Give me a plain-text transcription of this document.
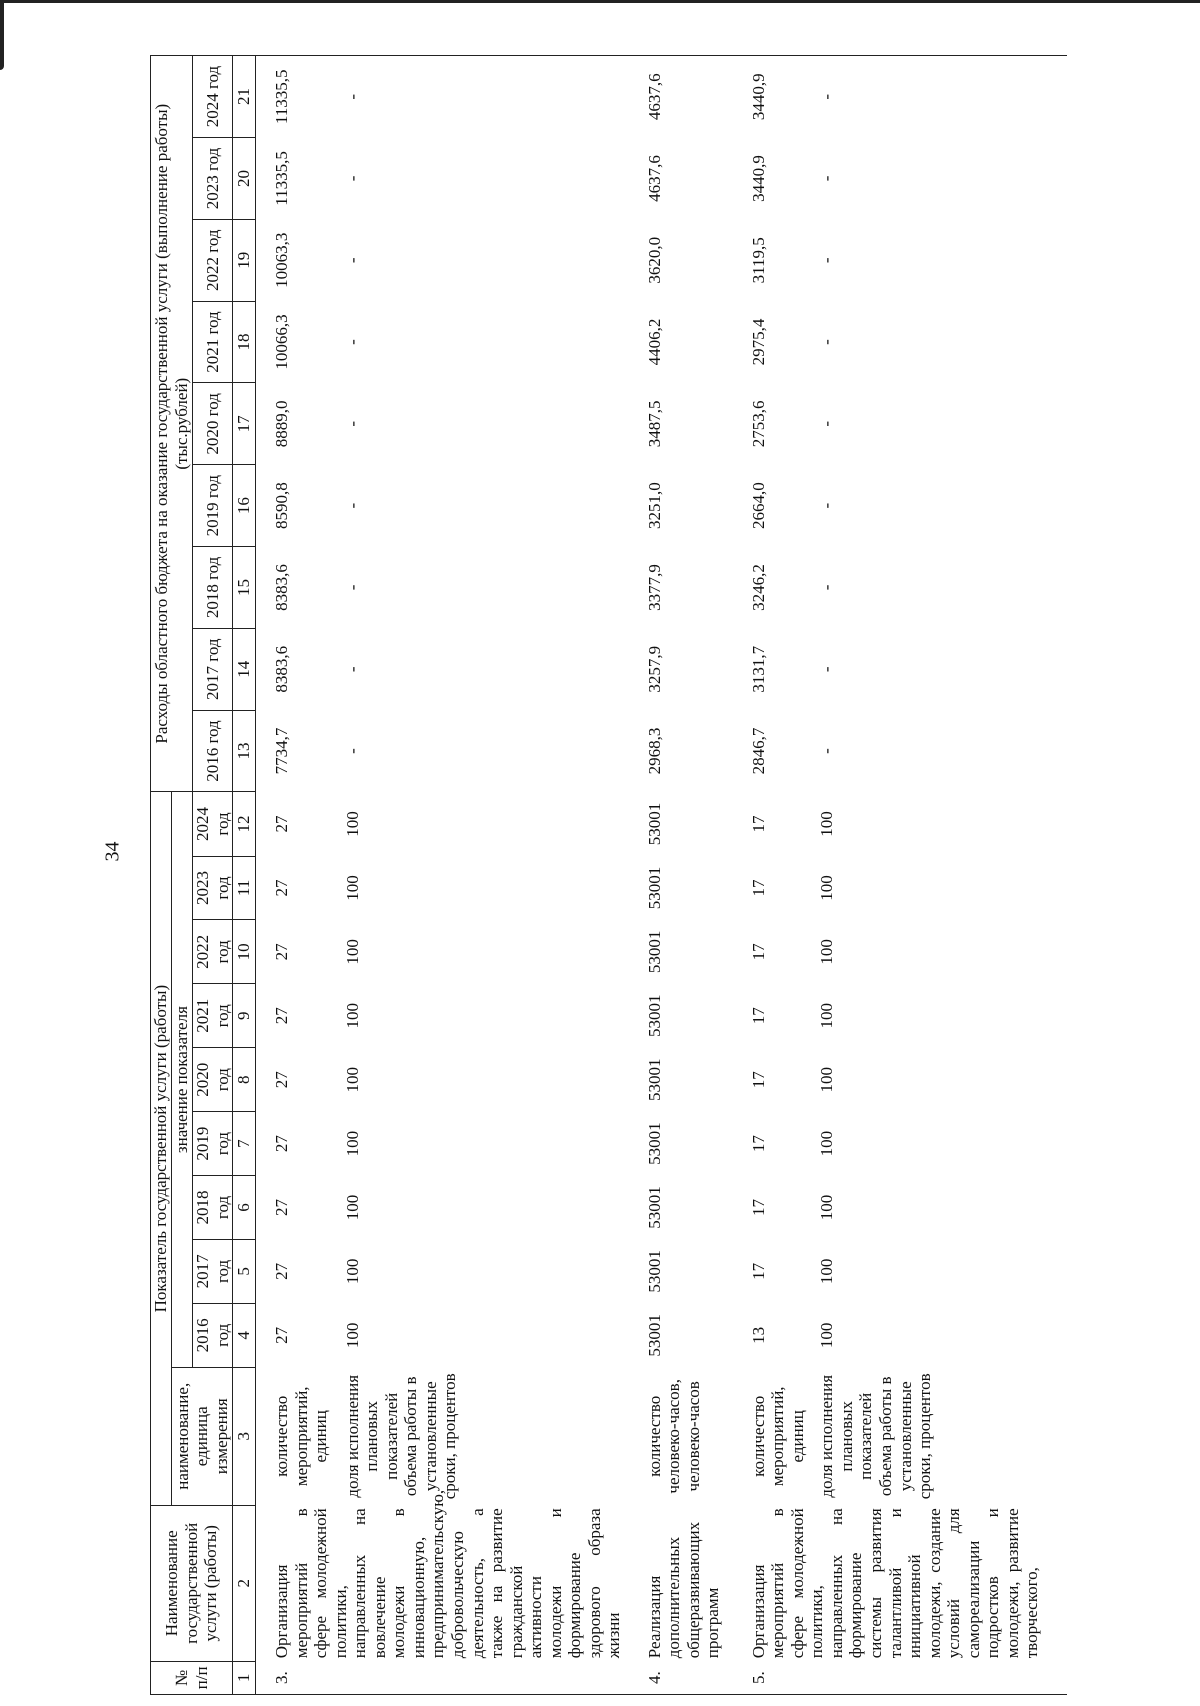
34
№ п/п	Наименование государственной услуги (работы)	Показатель государственной услуги (работы)										Расходы областного бюджета на оказание государственной услуги (выполнение работы) (тыс.рублей)								
		наименование, единица измерения	значение показателя																	
			2016 год	2017 год	2018 год	2019 год	2020 год	2021 год	2022 год	2023 год	2024 год	2016 год	2017 год	2018 год	2019 год	2020 год	2021 год	2022 год	2023 год	2024 год
1	2	3	4	5	6	7	8	9	10	11	12	13	14	15	16	17	18	19	20	21
3.	Организация мероприятий в сфере молодежной политики, направленных на вовлечение молодежи в инновационную, предпринимательскую, добровольческую деятельность, а также на развитие гражданской активности молодежи и формирование здорового образа жизни	количество мероприятий, единиц	27	27	27	27	27	27	27	27	27	7734,7	8383,6	8383,6	8590,8	8889,0	10066,3	10063,3	11335,5	11335,5
		доля исполнения плановых показателей объема работы в установленные сроки, процентов	100	100	100	100	100	100	100	100	100	-	-	-	-	-	-	-	-	-
4.	Реализация дополнительных общеразвивающих программ	количество человеко-часов, человеко-часов	53001	53001	53001	53001	53001	53001	53001	53001	53001	2968,3	3257,9	3377,9	3251,0	3487,5	4406,2	3620,0	4637,6	4637,6
5.	Организация мероприятий в сфере молодежной политики, направленных на формирование системы развития талантливой и инициативной молодежи, создание условий для самореализации подростков и молодежи, развитие творческого,	количество мероприятий, единиц	13	17	17	17	17	17	17	17	17	2846,7	3131,7	3246,2	2664,0	2753,6	2975,4	3119,5	3440,9	3440,9
		доля исполнения плановых показателей объема работы в установленные сроки, процентов	100	100	100	100	100	100	100	100	100	-	-	-	-	-	-	-	-	-
